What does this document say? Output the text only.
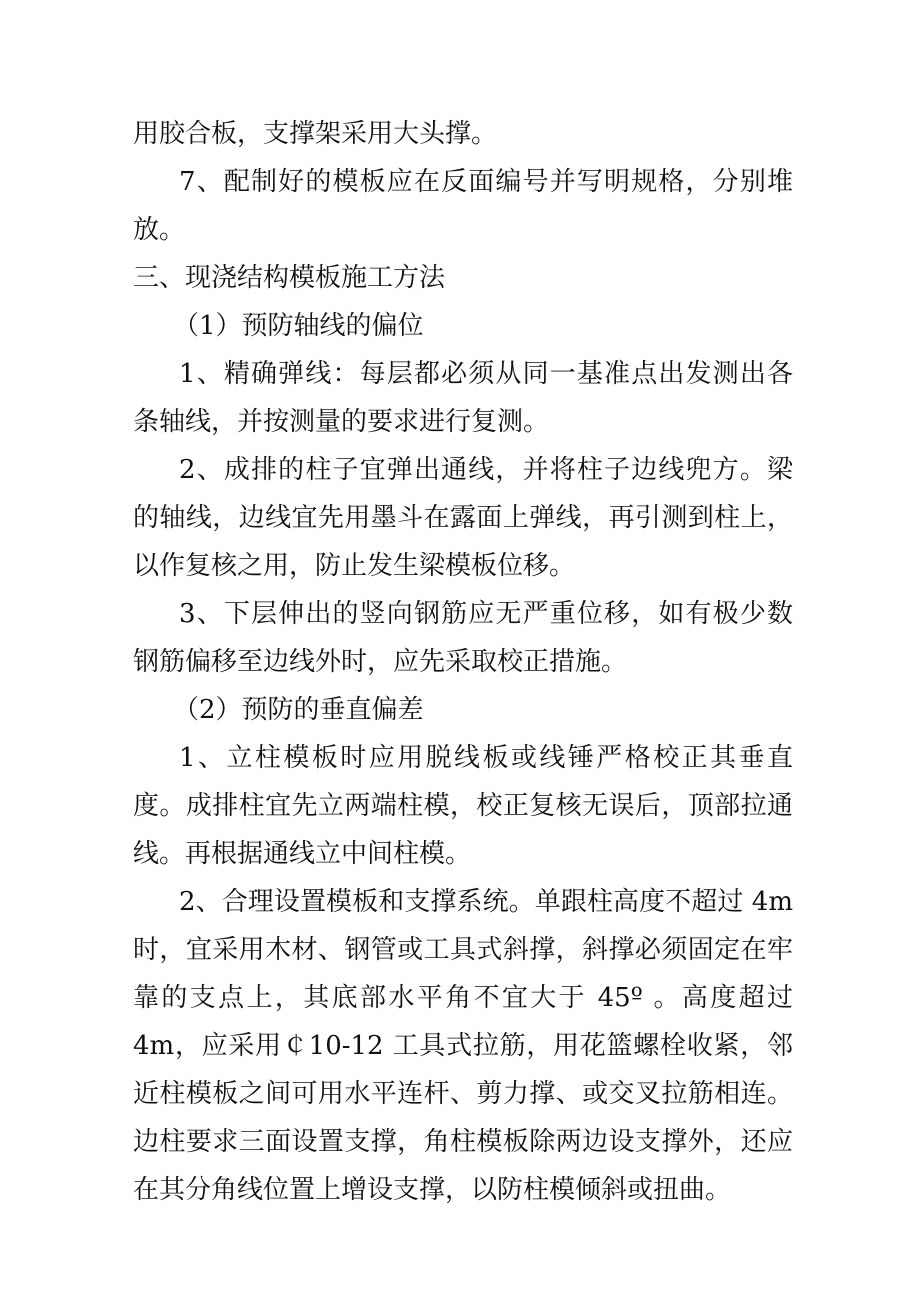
用胶合板，支撑架采用大头撑。

7、配制好的模板应在反面编号并写明规格，分别堆放。

三、现浇结构模板施工方法

（1）预防轴线的偏位

1、精确弹线：每层都必须从同一基准点出发测出各条轴线，并按测量的要求进行复测。

2、成排的柱子宜弹出通线，并将柱子边线兜方。梁的轴线，边线宜先用墨斗在露面上弹线，再引测到柱上，以作复核之用，防止发生梁模板位移。

3、下层伸出的竖向钢筋应无严重位移，如有极少数钢筋偏移至边线外时，应先采取校正措施。

（2）预防的垂直偏差

1、立柱模板时应用脱线板或线锤严格校正其垂直度。成排柱宜先立两端柱模，校正复核无误后，顶部拉通线。再根据通线立中间柱模。

2、合理设置模板和支撑系统。单跟柱高度不超过 4m 时，宜采用木材、钢管或工具式斜撑，斜撑必须固定在牢靠的支点上，其底部水平角不宜大于 45º 。高度超过 4m，应采用￠10-12 工具式拉筋，用花篮螺栓收紧，邻近柱模板之间可用水平连杆、剪力撑、或交叉拉筋相连。边柱要求三面设置支撑，角柱模板除两边设支撑外，还应在其分角线位置上增设支撑，以防柱模倾斜或扭曲。
